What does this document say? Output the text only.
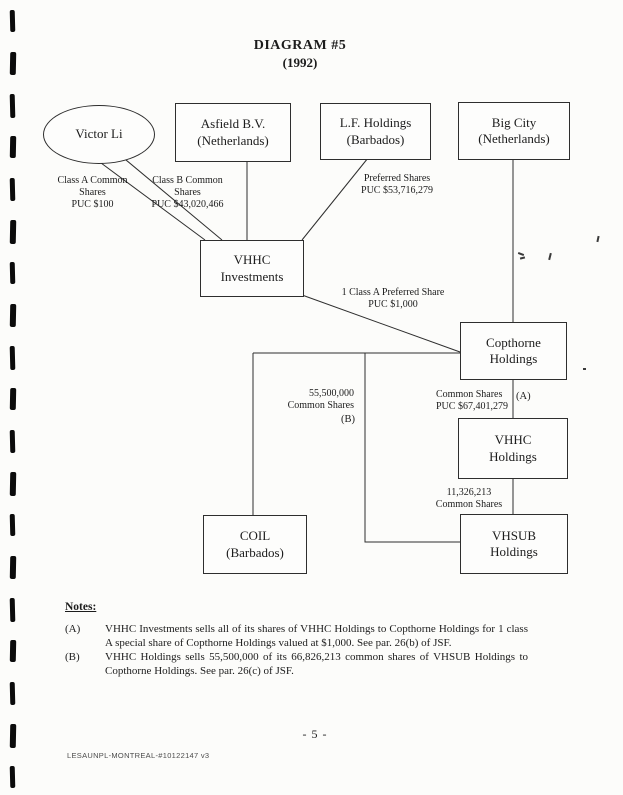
DIAGRAM #5
(1992)
Victor Li
Asfield B.V.
(Netherlands)
L.F. Holdings
(Barbados)
Big City
(Netherlands)
VHHC
Investments
Copthorne
Holdings
VHHC
Holdings
VHSUB
Holdings
COIL
(Barbados)
Class A Common
Shares
PUC $100
Class B Common
Shares
PUC $43,020,466
Preferred Shares
PUC $53,716,279
1 Class A Preferred Share
PUC $1,000
Common Shares
PUC $67,401,279
(A)
55,500,000
Common Shares
(B)
11,326,213
Common Shares
Notes:
(A)	VHHC Investments sells all of its shares of VHHC Holdings to Copthorne Holdings for 1 class A special share of Copthorne Holdings valued at $1,000. See par. 26(b) of JSF.
(B)	VHHC Holdings sells 55,500,000 of its 66,826,213 common shares of VHSUB Holdings to Copthorne Holdings. See par. 26(c) of JSF.
- 5 -
LESAUNPL-MONTREAL-#10122147 v3
